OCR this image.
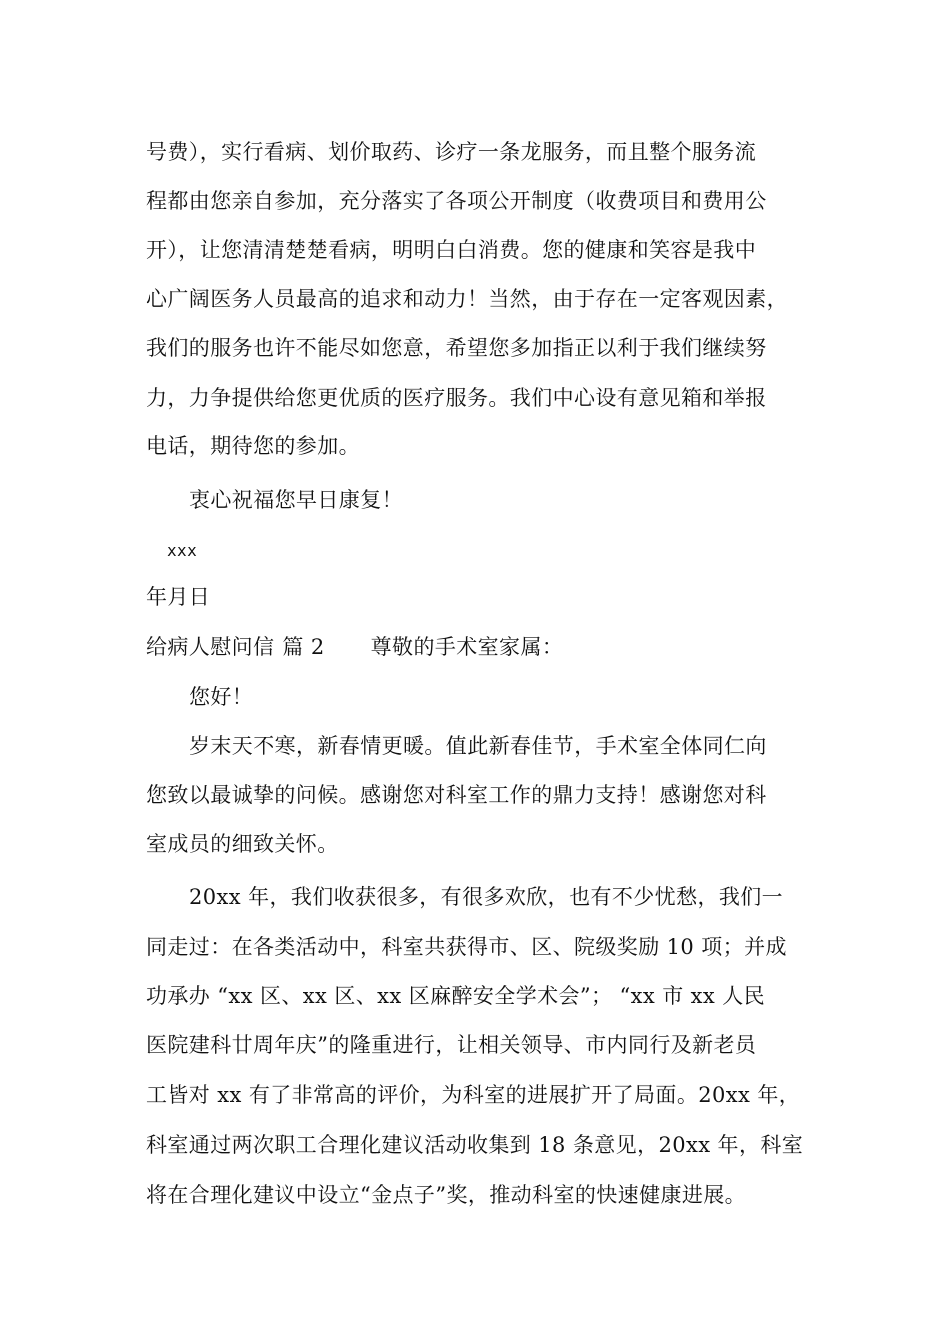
号费），实行看病、划价取药、诊疗一条龙服务，而且整个服务流
程都由您亲自参加，充分落实了各项公开制度（收费项目和费用公
开），让您清清楚楚看病，明明白白消费。您的健康和笑容是我中
心广阔医务人员最高的追求和动力！当然，由于存在一定客观因素，
我们的服务也许不能尽如您意，希望您多加指正以利于我们继续努
力，力争提供给您更优质的医疗服务。我们中心设有意见箱和举报
电话，期待您的参加。
衷心祝福您早日康复！
xxx
年月日
给病人慰问信 篇 2 尊敬的手术室家属：
您好！
岁末天不寒，新春情更暖。值此新春佳节，手术室全体同仁向
您致以最诚挚的问候。感谢您对科室工作的鼎力支持！感谢您对科
室成员的细致关怀。
20xx 年，我们收获很多，有很多欢欣，也有不少忧愁，我们一
同走过：在各类活动中，科室共获得市、区、院级奖励 10 项；并成
功承办 “xx 区、xx 区、xx 区麻醉安全学术会”； “xx 市 xx 人民
医院建科廿周年庆”的隆重进行，让相关领导、市内同行及新老员
工皆对 xx 有了非常高的评价，为科室的进展扩开了局面。20xx 年，
科室通过两次职工合理化建议活动收集到 18 条意见，20xx 年，科室
将在合理化建议中设立“金点子”奖，推动科室的快速健康进展。
